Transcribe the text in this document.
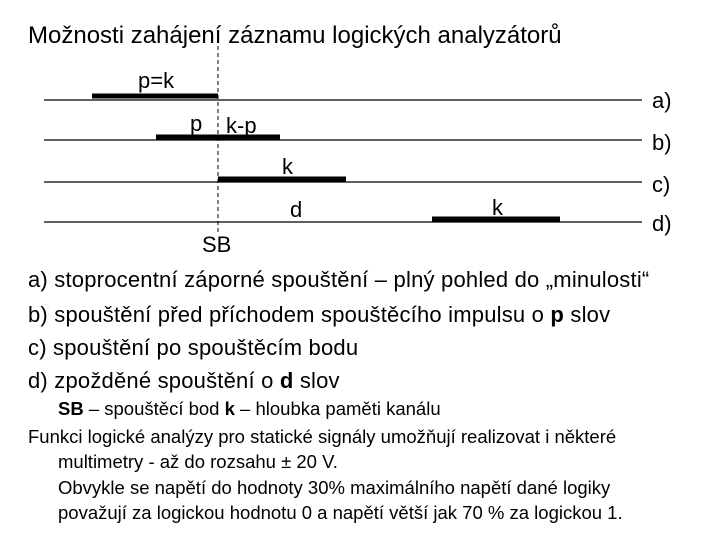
Možnosti zahájení záznamu logických analyzátorů
p=k
p k-p
k
d	k
SB
a)
b)
c)
d)
a) stoprocentní záporné spouštění – plný pohled do „minulosti“
b) spouštění před příchodem spouštěcího impulsu o p slov
c) spouštění po spouštěcím bodu
d) zpožděné spouštění o d slov
SB – spouštěcí bod k – hloubka paměti kanálu
Funkci logické analýzy pro statické signály umožňují realizovat i některé
multimetry - až do rozsahu ± 20 V.
Obvykle se napětí do hodnoty 30% maximálního napětí dané logiky
považují za logickou hodnotu 0 a napětí větší jak 70 % za logickou 1.
